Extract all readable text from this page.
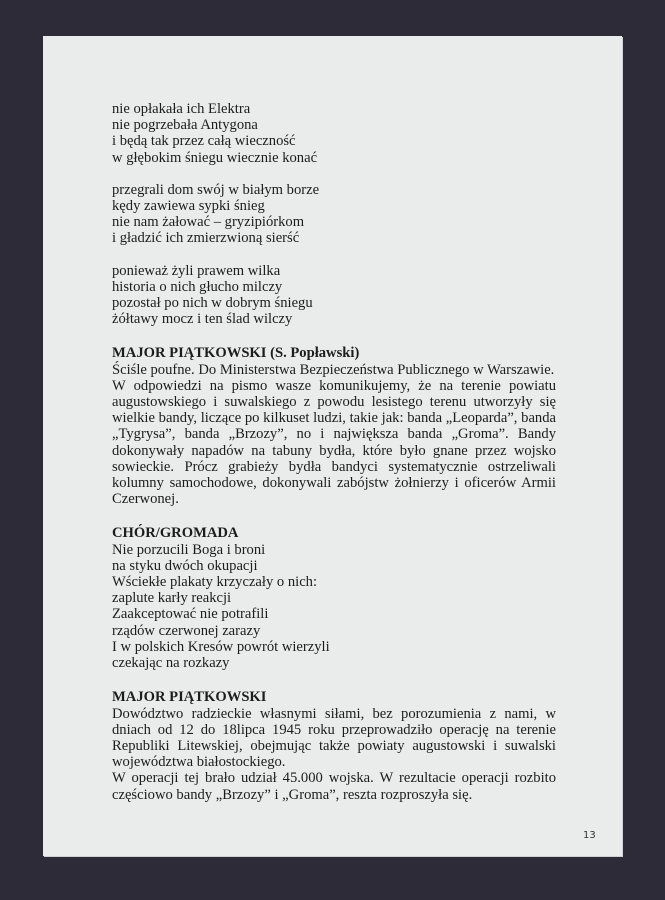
nie opłakała ich Elektra
nie pogrzebała Antygona
i będą tak przez całą wieczność
w głębokim śniegu wiecznie konać
przegrali dom swój w białym borze
kędy zawiewa sypki śnieg
nie nam żałować – gryzipiórkom
i gładzić ich zmierzwioną sierść
ponieważ żyli prawem wilka
historia o nich głucho milczy
pozostał po nich w dobrym śniegu
żółtawy mocz i ten ślad wilczy
MAJOR PIĄTKOWSKI (S. Popławski)
Ściśle poufne. Do Ministerstwa Bezpieczeństwa Publicznego w Warszawie.
W odpowiedzi na pismo wasze komunikujemy, że na terenie powiatu augustowskiego i suwalskiego z powodu lesistego terenu utworzyły się wielkie bandy, liczące po kilkuset ludzi, takie jak: banda „Leoparda”, banda „Tygrysa”, banda „Brzozy”, no i największa banda „Groma”. Bandy dokonywały napadów na tabuny bydła, które było gnane przez wojsko sowieckie. Prócz grabieży bydła bandyci systematycznie ostrzeliwali kolumny samochodowe, dokonywali zabójstw żołnierzy i oficerów Armii Czerwonej.
CHÓR/GROMADA
Nie porzucili Boga i broni
na styku dwóch okupacji
Wściekłe plakaty krzyczały o nich:
zaplute karły reakcji
Zaakceptować nie potrafili
rządów czerwonej zarazy
I w polskich Kresów powrót wierzyli
czekając na rozkazy
MAJOR PIĄTKOWSKI
Dowództwo radzieckie własnymi siłami, bez porozumienia z nami, w dniach od 12 do 18lipca 1945 roku przeprowadziło operację na terenie Republiki Litewskiej, obejmując także powiaty augustowski i suwalski województwa białostockiego.
W operacji tej brało udział 45.000 wojska. W rezultacie operacji rozbito częściowo bandy „Brzozy” i „Groma”, reszta rozproszyła się.
13
